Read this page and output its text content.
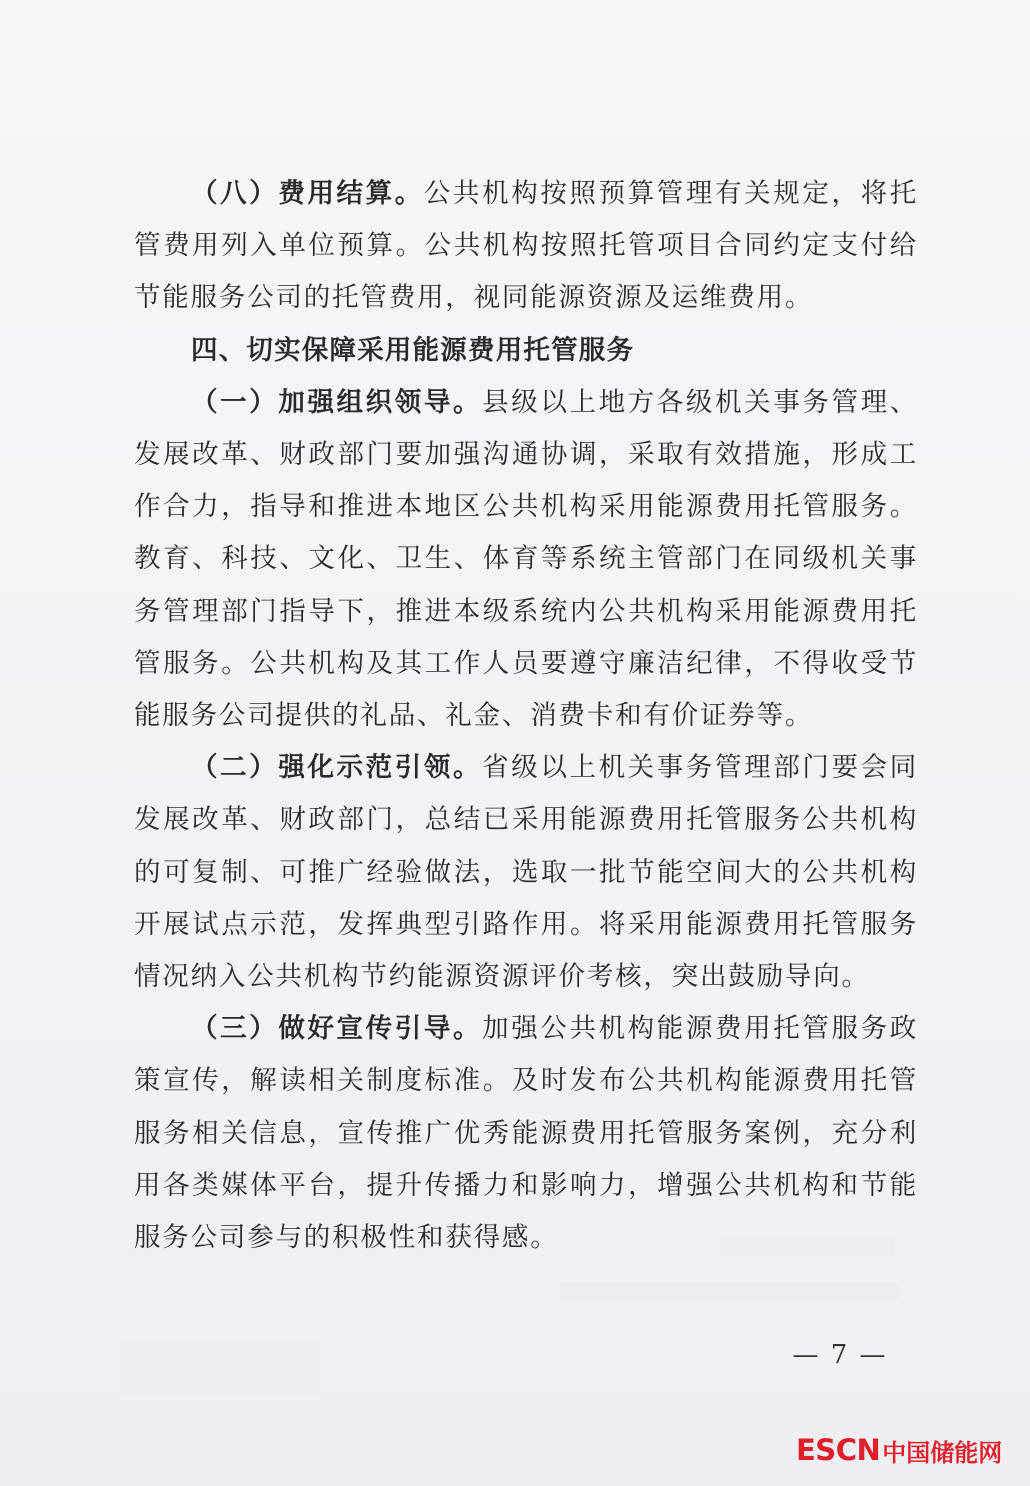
（八）费用结算。公共机构按照预算管理有关规定，将托管费用列入单位预算。公共机构按照托管项目合同约定支付给节能服务公司的托管费用，视同能源资源及运维费用。

四、切实保障采用能源费用托管服务

（一）加强组织领导。县级以上地方各级机关事务管理、发展改革、财政部门要加强沟通协调，采取有效措施，形成工作合力，指导和推进本地区公共机构采用能源费用托管服务。教育、科技、文化、卫生、体育等系统主管部门在同级机关事务管理部门指导下，推进本级系统内公共机构采用能源费用托管服务。公共机构及其工作人员要遵守廉洁纪律，不得收受节能服务公司提供的礼品、礼金、消费卡和有价证券等。

（二）强化示范引领。省级以上机关事务管理部门要会同发展改革、财政部门，总结已采用能源费用托管服务公共机构的可复制、可推广经验做法，选取一批节能空间大的公共机构开展试点示范，发挥典型引路作用。将采用能源费用托管服务情况纳入公共机构节约能源资源评价考核，突出鼓励导向。

（三）做好宣传引导。加强公共机构能源费用托管服务政策宣传，解读相关制度标准。及时发布公共机构能源费用托管服务相关信息，宣传推广优秀能源费用托管服务案例，充分利用各类媒体平台，提升传播力和影响力，增强公共机构和节能服务公司参与的积极性和获得感。

— 7 —
ESCN 中国储能网
